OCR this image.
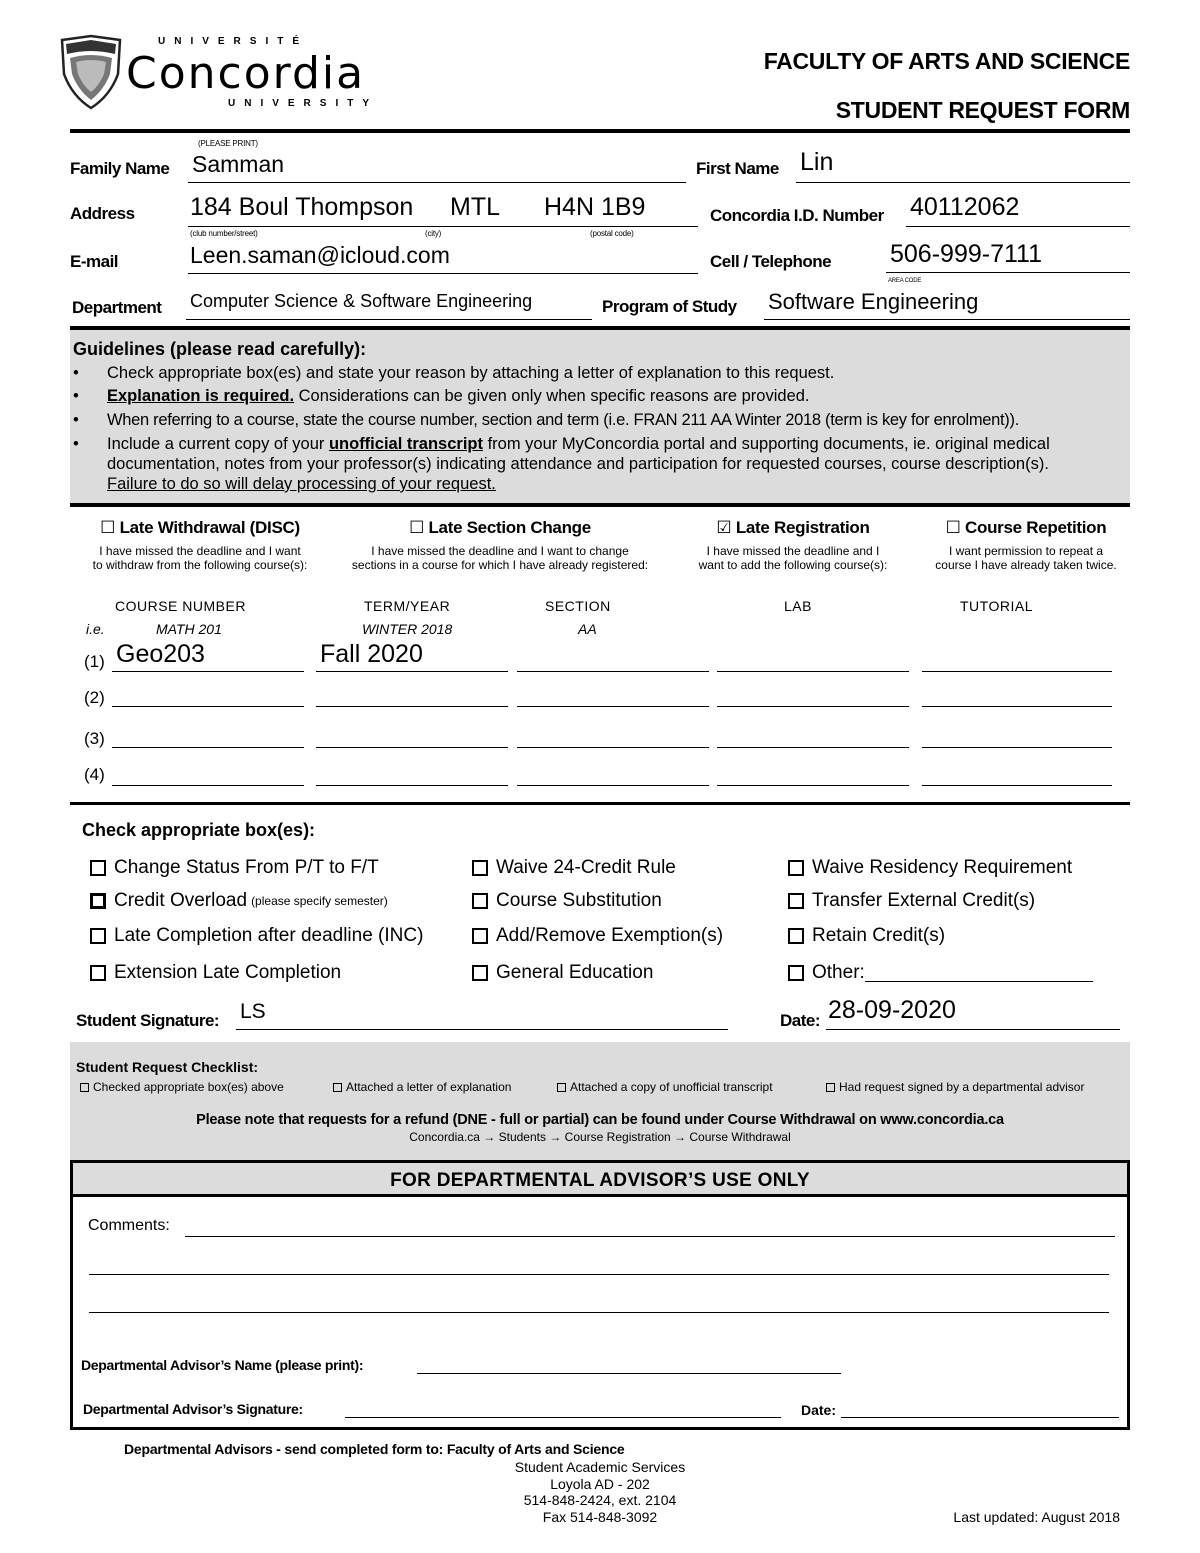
UNIVERSITÉ
Concordia
UNIVERSITY
FACULTY OF ARTS AND SCIENCE
STUDENT REQUEST FORM
(PLEASE PRINT)
Family Name Samman	First Name Lin
Address 184 Boul Thompson MTL H4N 1B9
(club number/street)	(city)	(postal code)
Concordia I.D. Number 40112062
E-mail	Leen.saman@icloud.com	Cell / Telephone 506-999-7111
AREA CODE
Department Computer Science & Software Engineering	Program of Study Software Engineering
Guidelines (please read carefully):
• Check appropriate box(es) and state your reason by attaching a letter of explanation to this request.
• Explanation is required. Considerations can be given only when specific reasons are provided.
• When referring to a course, state the course number, section and term (i.e. FRAN 211 AA Winter 2018 (term is key for enrolment)).
• Include a current copy of your unofficial transcript from your MyConcordia portal and supporting documents, ie. original medical
documentation, notes from your professor(s) indicating attendance and participation for requested courses, course description(s).
Failure to do so will delay processing of your request.
☐ Late Withdrawal (DISC)
I have missed the deadline and I want
to withdraw from the following course(s):
☐ Late Section Change
I have missed the deadline and I want to change
sections in a course for which I have already registered:
☑ Late Registration
I have missed the deadline and I
want to add the following course(s):
☐ Course Repetition
I want permission to repeat a
course I have already taken twice.
COURSE NUMBER	TERM/YEAR	SECTION	LAB	TUTORIAL
i.e.	MATH 201	WINTER 2018	AA
(1) Geo203	Fall 2020
(2)
(3)
(4)
Check appropriate box(es):
Change Status From P/T to F/T
Credit Overload (please specify semester)
Late Completion after deadline (INC)
Extension Late Completion
Waive 24-Credit Rule
Course Substitution
Add/Remove Exemption(s)
General Education
Waive Residency Requirement
Transfer External Credit(s)
Retain Credit(s)
Other:
Student Signature: LS	Date: 28-09-2020
Student Request Checklist:
Checked appropriate box(es) above	Attached a letter of explanation	Attached a copy of unofficial transcript	Had request signed by a departmental advisor
Please note that requests for a refund (DNE - full or partial) can be found under Course Withdrawal on www.concordia.ca
Concordia.ca → Students → Course Registration → Course Withdrawal
FOR DEPARTMENTAL ADVISOR’S USE ONLY
Comments:
Departmental Advisor’s Name (please print):
Departmental Advisor’s Signature:	Date:
Departmental Advisors - send completed form to: Faculty of Arts and Science
Student Academic Services
Loyola AD - 202
514-848-2424, ext. 2104
Fax 514-848-3092	Last updated: August 2018
